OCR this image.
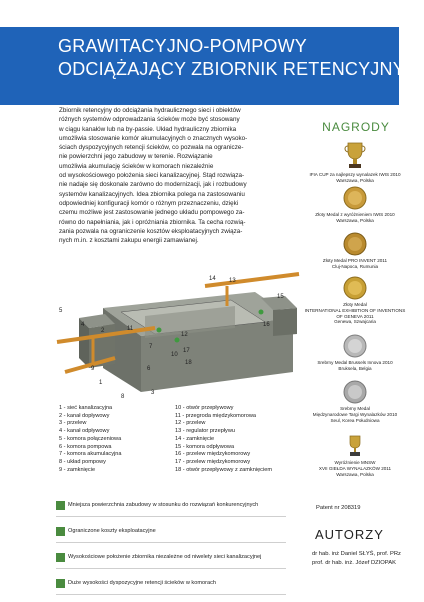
GRAWITACYJNO-POMPOWY
ODCIĄŻAJĄCY ZBIORNIK RETENCYJNY
Zbiornik retencyjny do odciążania hydraulicznego sieci i obiektów
różnych systemów odprowadzania ścieków może być stosowany
w ciągu kanałów lub na by-passie. Układ hydrauliczny zbiornika
umożliwia stosowanie komór akumulacyjnych o znacznych wysoko-
ściach dyspozycyjnych retencji ścieków, co pozwala na ogranicze-
nie powierzchni jego zabudowy w terenie. Rozwiązanie
umożliwia akumulację ścieków w komorach niezależnie
od wysokościowego położenia sieci kanalizacyjnej. Stąd rozwiąza-
nie nadaje się doskonale zarówno do modernizacji, jak i rozbudowy
systemów kanalizacyjnych. Idea zbiornika polega na zastosowaniu
odpowiedniej konfiguracji komór o różnym przeznaczeniu, dzięki
czemu możliwe jest zastosowanie jednego układu pompowego za-
równo do napełniania, jak i opróżniania zbiornika. Ta cecha rozwią-
zania pozwala na ograniczenie kosztów eksploatacyjnych związa-
nych m.in. z kosztami zakupu energii zamawianej.
1
2
3
4
5
6
7
8
9
10
11
12
13
14
15
16
17
18
1 - sieć kanalizacyjna
2 - kanał dopływowy
3 - przelew
4 - kanał odpływowy
5 - komora połączeniowa
6 - komora pompowa
7 - komora akumulacyjna
8 - układ pompowy
9 - zamknięcie
10 - otwór przepływowy
11 - przegroda międzykomorowa
12 - przelew
13 - regulator przepływu
14 - zamknięcie
15 - komora odpływowa
16 - przelew międzykomorowy
17 - przelew międzykomorowy
18 - otwór przepływowy z zamknięciem
Mniejsza powierzchnia zabudowy w stosunku do rozwiązań konkurencyjnych
Ograniczone koszty eksploatacyjne
Wysokościowe położenie zbiornika niezależne od niwelety sieci kanalizacyjnej
Duże wysokości dyspozycyjne retencji ścieków w komorach
NAGRODY
IFIA CUP za najlepszy wynalazek IWIS 2010
Warszawa, Polska
Złoty Medal z wyróżnieniem IWIS 2010
Warszawa, Polska
Złoty Medal PRO INVENT 2011
Cluj-Napoca, Rumunia
Złoty Medal
INTERNATIONAL EXHIBITION OF INVENTIONS
OF GENEVA 2011
Genewa, Szwajcaria
Srebrny Medal Brussels Innova 2010
Bruksela, Belgia
Srebrny Medal
Międzynarodowe Targi Wynalazków 2010
Seul, Korea Południowa
Wyróżnienie MNSW
XVII GIEŁDA WYNALAZKÓW 2011
Warszawa, Polska
Patent nr 208319
AUTORZY
dr hab. inż Daniel SŁYŚ, prof. PRz
prof. dr hab. inż. Józef DZIOPAK
